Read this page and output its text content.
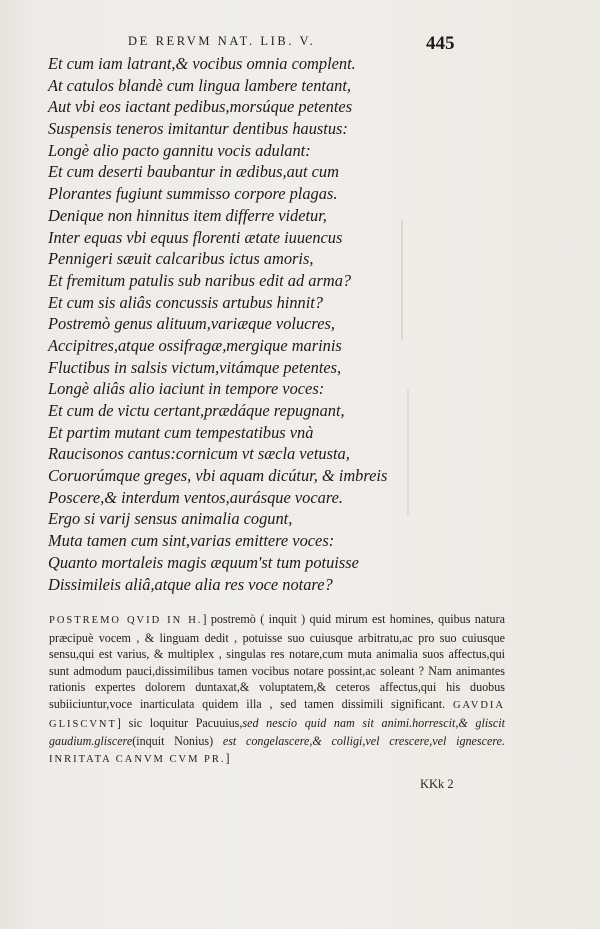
DE RERVM NAT. LIB. V.	445
Et cum iam latrant,& vocibus omnia complent.
At catulos blandè cum lingua lambere tentant,
Aut vbi eos iactant pedibus,morsúque petentes
Suspensis teneros imitantur dentibus haustus:
Longè alio pacto gannitu vocis adulant:
Et cum deserti baubantur in ædibus,aut cum
Plorantes fugiunt summisso corpore plagas.
Denique non hinnitus item differre videtur,
Inter equas vbi equus florenti ætate iuuencus
Pennigeri sæuit calcaribus ictus amoris,
Et fremitum patulis sub naribus edit ad arma?
Et cum sis aliâs concussis artubus hinnit?
Postremò genus alituum,variæque volucres,
Accipitres,atque ossifragæ,mergique marinis
Fluctibus in salsis victum,vitámque petentes,
Longè aliâs alio iaciunt in tempore voces:
Et cum de victu certant,prædáque repugnant,
Et partim mutant cum tempestatibus vnà
Raucisonos cantus:cornicum vt sæcla vetusta,
Coruorúmque greges, vbi aquam dicútur, & imbreis
Poscere,& interdum ventos,aurásque vocare.
Ergo si varij sensus animalia cogunt,
Muta tamen cum sint,varias emittere voces:
Quanto mortaleis magis æquum'st tum potuisse
Dissimileis aliâ,atque alia res voce notare?

POSTREMO QVID IN H.] postremò ( inquit ) quid mirum est homines, quibus natura præcipuè vocem , & linguam dedit , potuisse suo cuiusque arbitratu,ac pro suo cuiusque sensu,qui est varius, & multiplex , singulas res notare,cum muta animalia suos affectus,qui sunt admodum pauci,dissimilibus tamen vocibus notare possint,ac soleant ? Nam animantes rationis expertes dolorem duntaxat,& voluptatem,& ceteros affectus,qui his duobus subiiciuntur,voce inarticulata quidem illa , sed tamen dissimili significant. GAVDIA GLISCVNT] sic loquitur Pacuuius,sed nescio quid nam sit animi.horrescit,& gliscit gaudium.gliscere(inquit Nonius) est congelascere,& colligi,vel crescere,vel ignescere. INRITATA CANVM CVM PR.]

KKk 2
